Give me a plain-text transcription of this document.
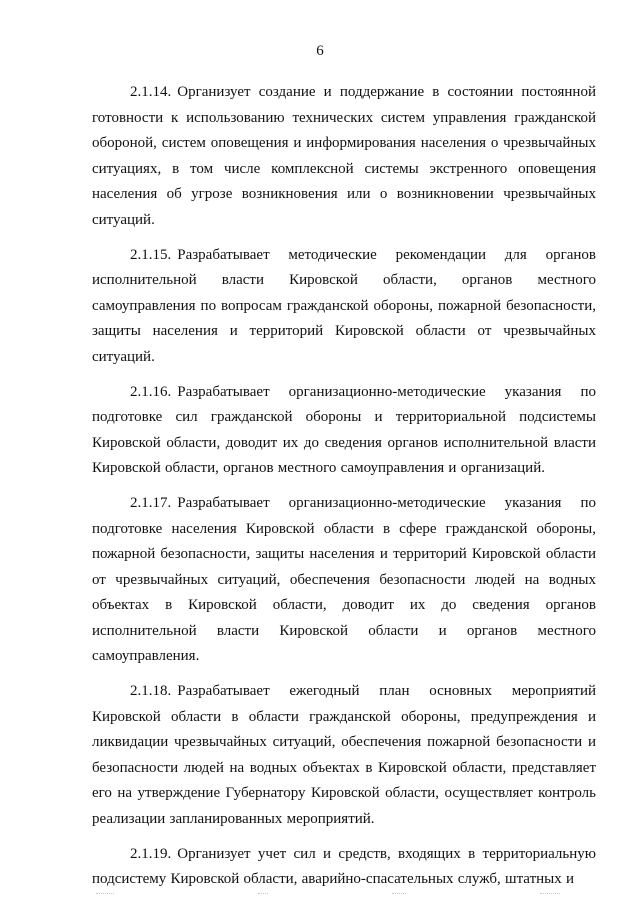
6

2.1.14. Организует создание и поддержание в состоянии постоянной готовности к использованию технических систем управления гражданской обороной, систем оповещения и информирования населения о чрезвычайных ситуациях, в том числе комплексной системы экстренного оповещения населения об угрозе возникновения или о возникновении чрезвычайных ситуаций.

2.1.15. Разрабатывает методические рекомендации для органов исполнительной власти Кировской области, органов местного самоуправления по вопросам гражданской обороны, пожарной безопасности, защиты населения и территорий Кировской области от чрезвычайных ситуаций.

2.1.16. Разрабатывает организационно-методические указания по подготовке сил гражданской обороны и территориальной подсистемы Кировской области, доводит их до сведения органов исполнительной власти Кировской области, органов местного самоуправления и организаций.

2.1.17. Разрабатывает организационно-методические указания по подготовке населения Кировской области в сфере гражданской обороны, пожарной безопасности, защиты населения и территорий Кировской области от чрезвычайных ситуаций, обеспечения безопасности людей на водных объектах в Кировской области, доводит их до сведения органов исполнительной власти Кировской области и органов местного самоуправления.

2.1.18. Разрабатывает ежегодный план основных мероприятий Кировской области в области гражданской обороны, предупреждения и ликвидации чрезвычайных ситуаций, обеспечения пожарной безопасности и безопасности людей на водных объектах в Кировской области, представляет его на утверждение Губернатору Кировской области, осуществляет контроль реализации запланированных мероприятий.

2.1.19. Организует учет сил и средств, входящих в территориальную подсистему Кировской области, аварийно-спасательных служб, штатных и
